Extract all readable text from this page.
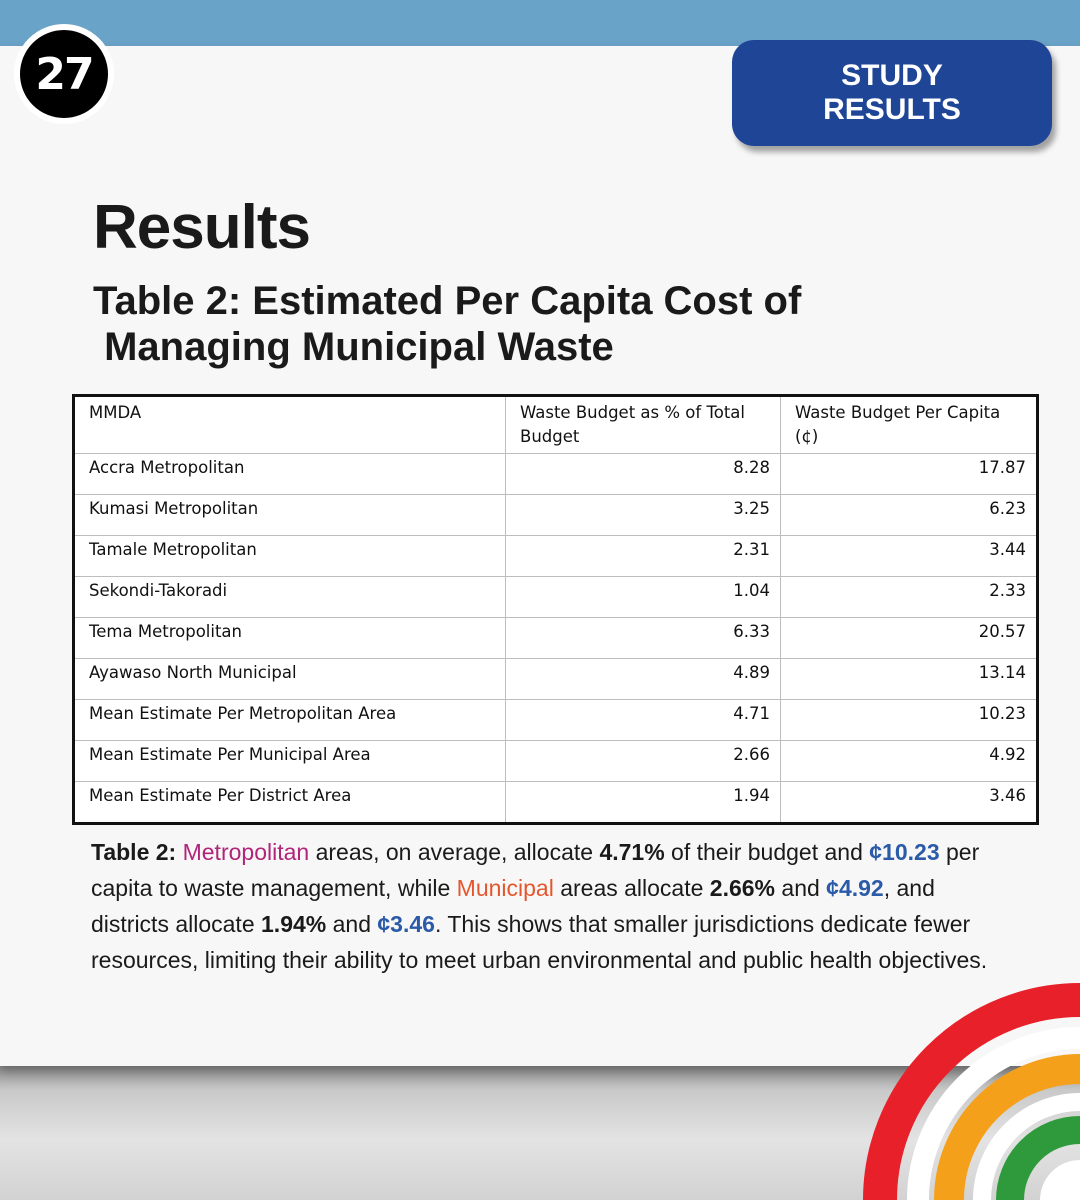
27	STUDY
RESULTS
Results
Table 2: Estimated Per Capita Cost of
Managing Municipal Waste
MMDA	Waste Budget as % of Total Budget	Waste Budget Per Capita (¢)
Accra Metropolitan	8.28	17.87
Kumasi Metropolitan	3.25	6.23
Tamale Metropolitan	2.31	3.44
Sekondi-Takoradi	1.04	2.33
Tema Metropolitan	6.33	20.57
Ayawaso North Municipal	4.89	13.14
Mean Estimate Per Metropolitan Area	4.71	10.23
Mean Estimate Per Municipal Area	2.66	4.92
Mean Estimate Per District Area	1.94	3.46

Table 2: Metropolitan areas, on average, allocate 4.71% of their budget and ¢10.23 per capita to waste management, while Municipal areas allocate 2.66% and ¢4.92, and districts allocate 1.94% and ¢3.46. This shows that smaller jurisdictions dedicate fewer resources, limiting their ability to meet urban environmental and public health objectives.
